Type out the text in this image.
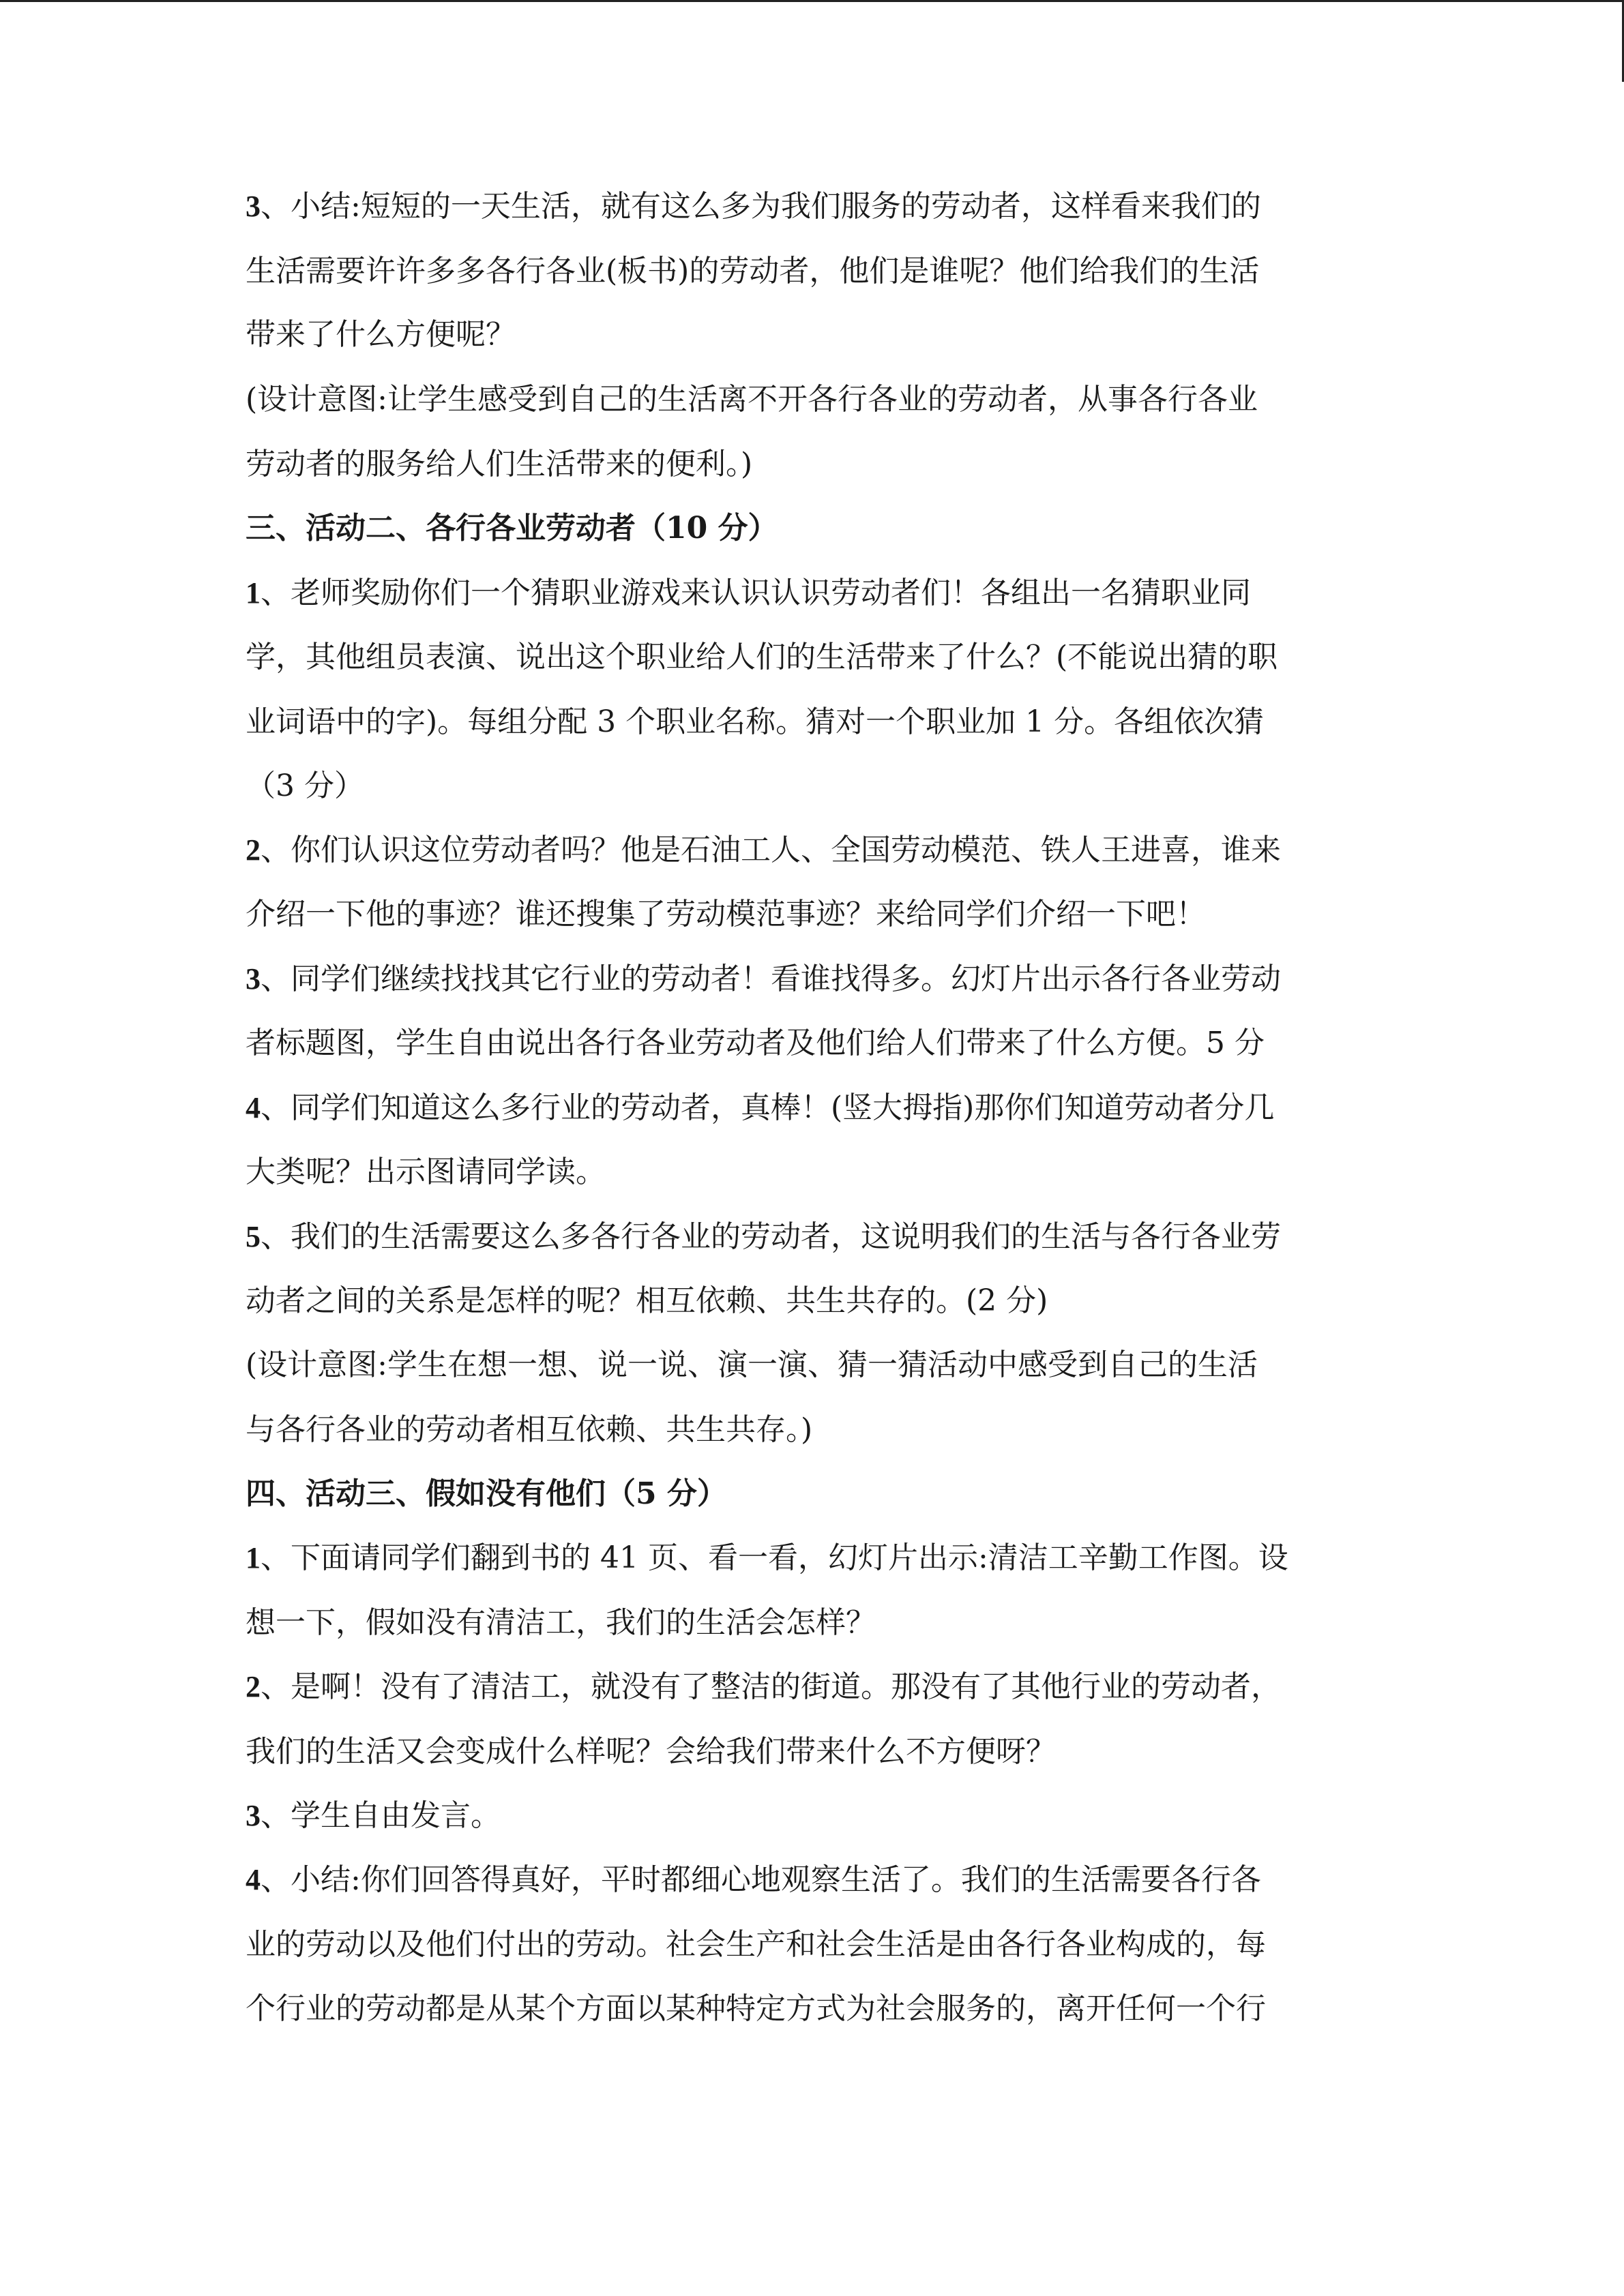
3、小结:短短的一天生活，就有这么多为我们服务的劳动者，这样看来我们的
生活需要许许多多各行各业(板书)的劳动者，他们是谁呢？他们给我们的生活
带来了什么方便呢？
(设计意图:让学生感受到自己的生活离不开各行各业的劳动者，从事各行各业
劳动者的服务给人们生活带来的便利。)
三、活动二、各行各业劳动者（10 分）
1、老师奖励你们一个猜职业游戏来认识认识劳动者们！各组出一名猜职业同
学，其他组员表演、说出这个职业给人们的生活带来了什么？(不能说出猜的职
业词语中的字)。每组分配 3 个职业名称。猜对一个职业加 1 分。各组依次猜
（3 分）
2、你们认识这位劳动者吗？他是石油工人、全国劳动模范、铁人王进喜，谁来
介绍一下他的事迹？谁还搜集了劳动模范事迹？来给同学们介绍一下吧！
3、同学们继续找找其它行业的劳动者！看谁找得多。幻灯片出示各行各业劳动
者标题图，学生自由说出各行各业劳动者及他们给人们带来了什么方便。5 分
4、同学们知道这么多行业的劳动者，真棒！(竖大拇指)那你们知道劳动者分几
大类呢？出示图请同学读。
5、我们的生活需要这么多各行各业的劳动者，这说明我们的生活与各行各业劳
动者之间的关系是怎样的呢？相互依赖、共生共存的。(2 分)
(设计意图:学生在想一想、说一说、演一演、猜一猜活动中感受到自己的生活
与各行各业的劳动者相互依赖、共生共存。)
四、活动三、假如没有他们（5 分）
1、下面请同学们翻到书的 41 页、看一看，幻灯片出示:清洁工辛勤工作图。设
想一下，假如没有清洁工，我们的生活会怎样？
2、是啊！没有了清洁工，就没有了整洁的街道。那没有了其他行业的劳动者，
我们的生活又会变成什么样呢？会给我们带来什么不方便呀？
3、学生自由发言。
4、小结:你们回答得真好，平时都细心地观察生活了。我们的生活需要各行各
业的劳动以及他们付出的劳动。社会生产和社会生活是由各行各业构成的，每
个行业的劳动都是从某个方面以某种特定方式为社会服务的，离开任何一个行
